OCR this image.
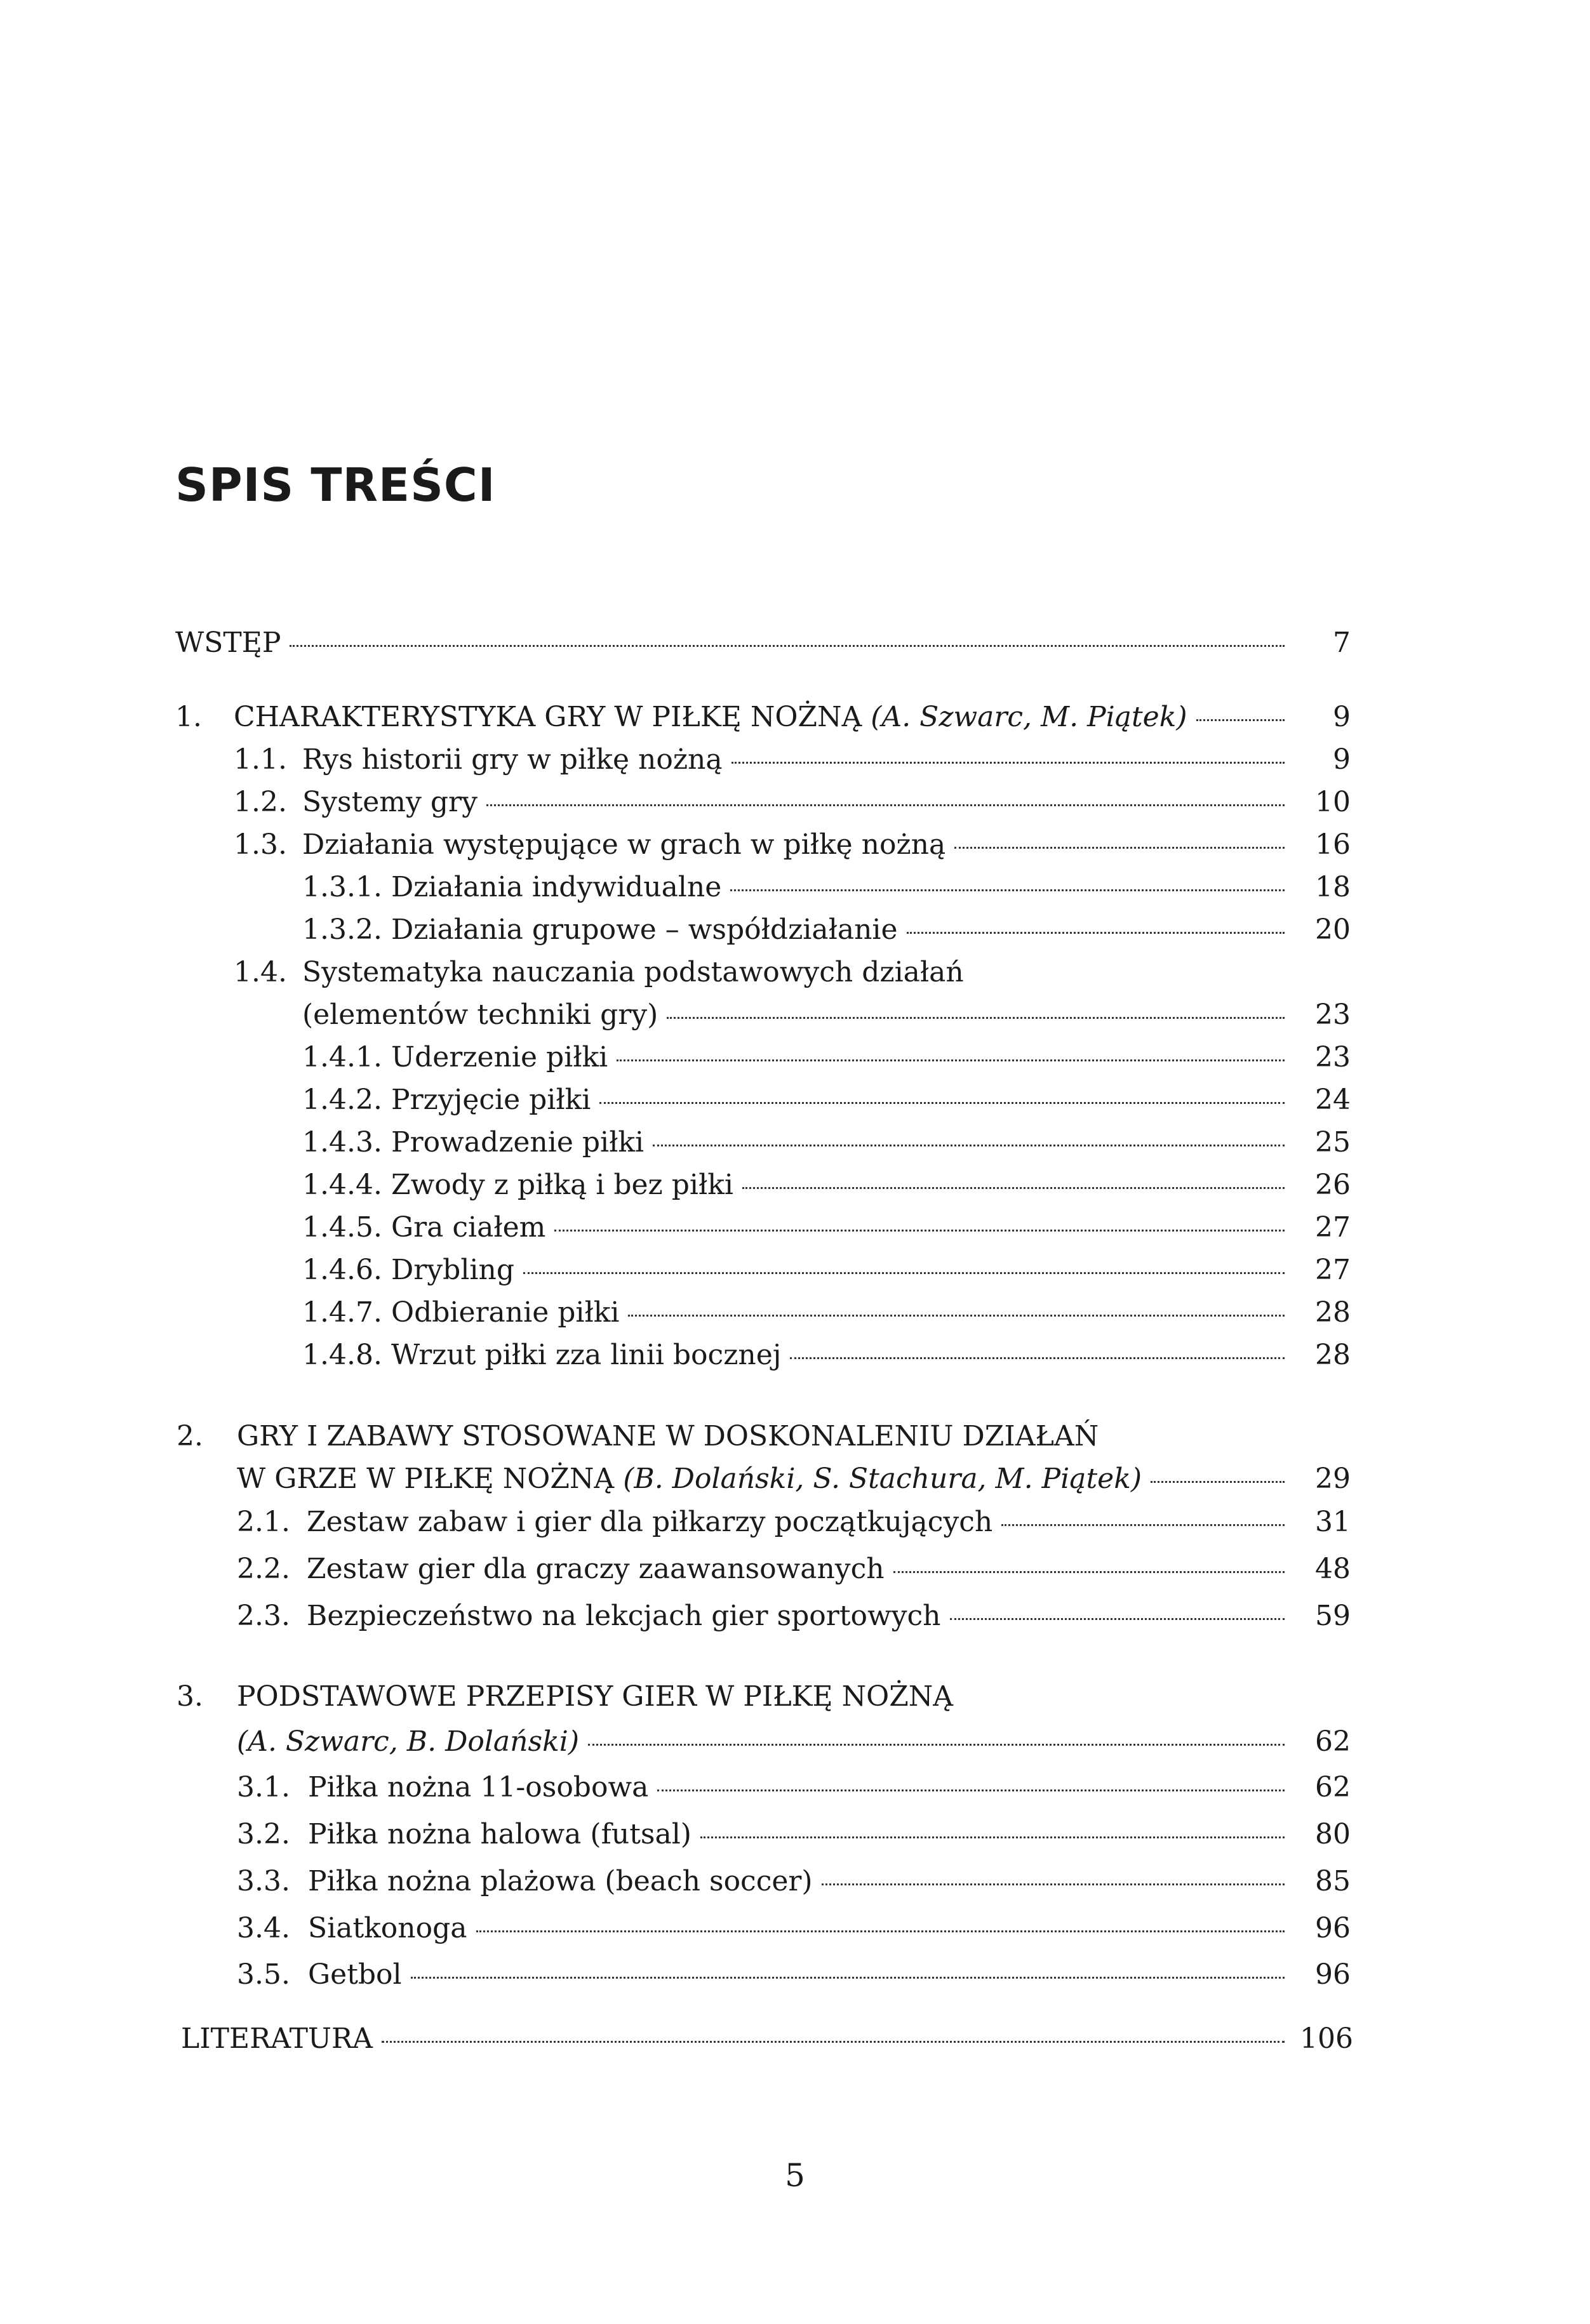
SPIS TREŚCI
WSTĘP	7
1. CHARAKTERYSTYKA GRY W PIŁKĘ NOŻNĄ (A. Szwarc, M. Piątek)	9
1.1. Rys historii gry w piłkę nożną	9
1.2. Systemy gry	10
1.3. Działania występujące w grach w piłkę nożną	16
1.3.1. Działania indywidualne	18
1.3.2. Działania grupowe – współdziałanie	20
1.4. Systematyka nauczania podstawowych działań
(elementów techniki gry)	23
1.4.1. Uderzenie piłki	23
1.4.2. Przyjęcie piłki	24
1.4.3. Prowadzenie piłki	25
1.4.4. Zwody z piłką i bez piłki	26
1.4.5. Gra ciałem	27
1.4.6. Drybling	27
1.4.7. Odbieranie piłki	28
1.4.8. Wrzut piłki zza linii bocznej	28
2. GRY I ZABAWY STOSOWANE W DOSKONALENIU DZIAŁAŃ
W GRZE W PIŁKĘ NOŻNĄ (B. Dolański, S. Stachura, M. Piątek)	29
2.1. Zestaw zabaw i gier dla piłkarzy początkujących	31
2.2. Zestaw gier dla graczy zaawansowanych	48
2.3. Bezpieczeństwo na lekcjach gier sportowych	59
3. PODSTAWOWE PRZEPISY GIER W PIŁKĘ NOŻNĄ
(A. Szwarc, B. Dolański)	62
3.1. Piłka nożna 11-osobowa	62
3.2. Piłka nożna halowa (futsal)	80
3.3. Piłka nożna plażowa (beach soccer)	85
3.4. Siatkonoga	96
3.5. Getbol	96
LITERATURA	106
5
